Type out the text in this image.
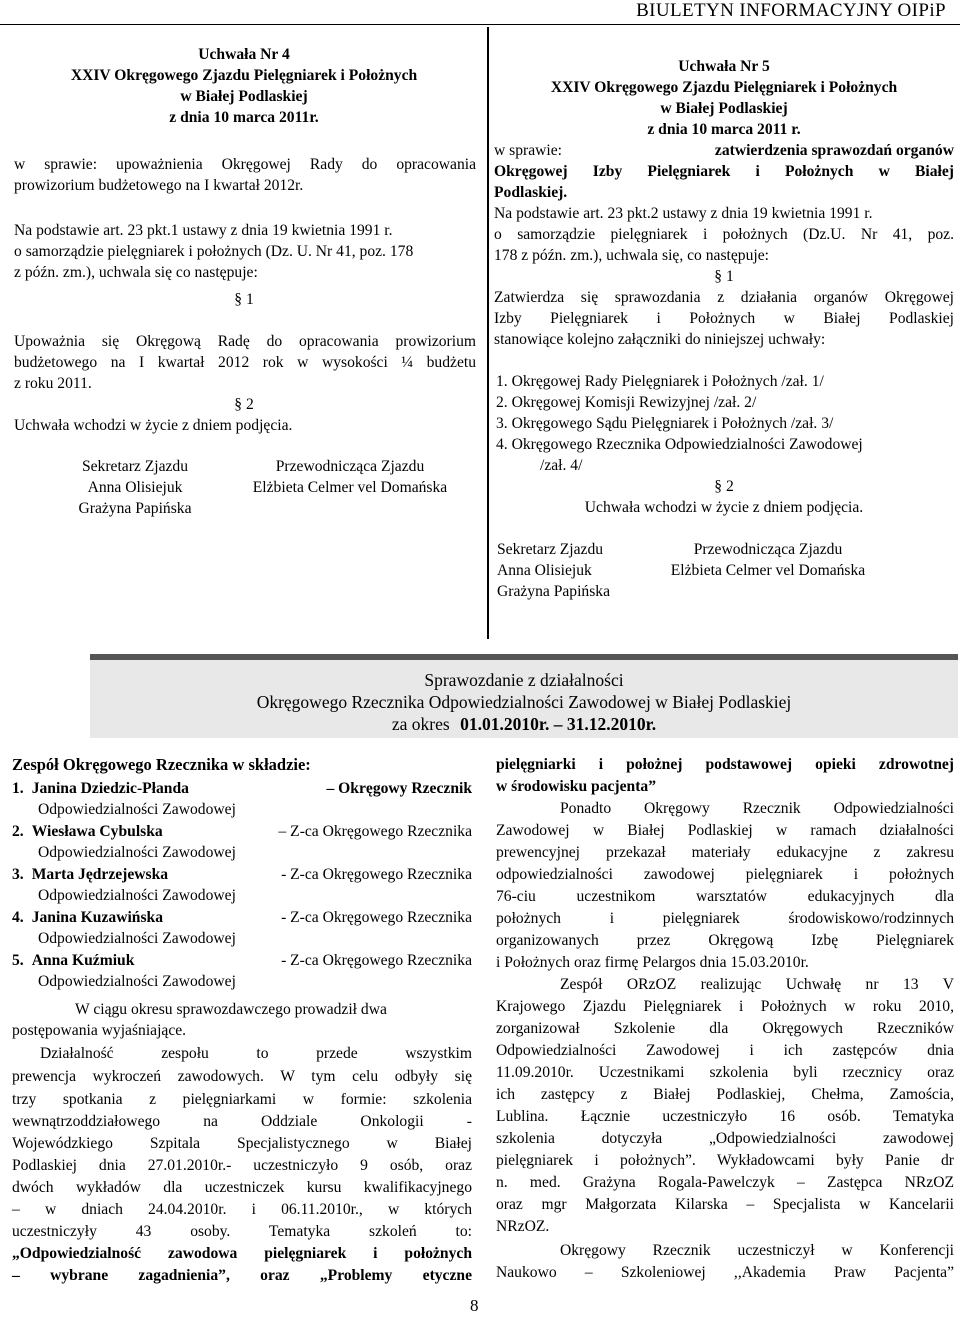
BIULETYN INFORMACYJNY OIPiP
Uchwała Nr 4
XXIV Okręgowego Zjazdu Pielęgniarek i Położnych
w Białej Podlaskiej
z dnia 10 marca 2011r.
w sprawie: upoważnienia Okręgowej Rady do opracowania
prowizorium budżetowego na I kwartał 2012r.
Na podstawie art. 23 pkt.1 ustawy z dnia 19 kwietnia 1991 r.
o samorządzie pielęgniarek i położnych (Dz. U. Nr 41, poz. 178
z późn. zm.), uchwala się co następuje:
§ 1
Upoważnia się Okręgową Radę do opracowania prowizorium
budżetowego na I kwartał 2012 rok w wysokości ¼ budżetu
z roku 2011.
§ 2
Uchwała wchodzi w życie z dniem podjęcia.
Sekretarz Zjazdu
Anna Olisiejuk
Grażyna Papińska
Przewodnicząca Zjazdu
Elżbieta Celmer vel Domańska
Uchwała Nr 5
XXIV Okręgowego Zjazdu Pielęgniarek i Położnych
w Białej Podlaskiej
z dnia 10 marca 2011 r.
w sprawie:	zatwierdzenia sprawozdań organów
Okręgowej Izby Pielęgniarek i Położnych w Białej
Podlaskiej.
Na podstawie art. 23 pkt.2 ustawy z dnia 19 kwietnia 1991 r.
o samorządzie pielęgniarek i położnych (Dz.U. Nr 41, poz.
178 z późn. zm.), uchwala się, co następuje:
§ 1
Zatwierdza się sprawozdania z działania organów Okręgowej
Izby Pielęgniarek i Położnych w Białej Podlaskiej
stanowiące kolejno załączniki do niniejszej uchwały:
1. Okręgowej Rady Pielęgniarek i Położnych /zał. 1/
2. Okręgowej Komisji Rewizyjnej /zał. 2/
3. Okręgowego Sądu Pielęgniarek i Położnych /zał. 3/
4. Okręgowego Rzecznika Odpowiedzialności Zawodowej
/zał. 4/
§ 2
Uchwała wchodzi w życie z dniem podjęcia.
Sekretarz Zjazdu
Anna Olisiejuk
Grażyna Papińska
Przewodnicząca Zjazdu
Elżbieta Celmer vel Domańska
Sprawozdanie z działalności
Okręgowego Rzecznika Odpowiedzialności Zawodowej w Białej Podlaskiej
za okres 01.01.2010r. – 31.12.2010r.
Zespół Okręgowego Rzecznika w składzie:
1. Janina Dziedzic-Płanda	– Okręgowy Rzecznik
Odpowiedzialności Zawodowej
2. Wiesława Cybulska	– Z-ca Okręgowego Rzecznika
Odpowiedzialności Zawodowej
3. Marta Jędrzejewska	- Z-ca Okręgowego Rzecznika
Odpowiedzialności Zawodowej
4. Janina Kuzawińska	- Z-ca Okręgowego Rzecznika
Odpowiedzialności Zawodowej
5. Anna Kuźmiuk	- Z-ca Okręgowego Rzecznika
Odpowiedzialności Zawodowej
W ciągu okresu sprawozdawczego prowadził dwa
postępowania wyjaśniające.
Działalność zespołu to przede wszystkim
prewencja wykroczeń zawodowych. W tym celu odbyły się
trzy spotkania z pielęgniarkami w formie: szkolenia
wewnątrzoddziałowego na Oddziale Onkologii -
Wojewódzkiego Szpitala Specjalistycznego w Białej
Podlaskiej dnia 27.01.2010r.- uczestniczyło 9 osób, oraz
dwóch wykładów dla uczestniczek kursu kwalifikacyjnego
– w dniach 24.04.2010r. i 06.11.2010r., w których
uczestniczyły 43 osoby. Tematyka szkoleń to:
„Odpowiedzialność zawodowa pielęgniarek i położnych
– wybrane zagadnienia”, oraz „Problemy etyczne
pielęgniarki i położnej podstawowej opieki zdrowotnej
w środowisku pacjenta”
Ponadto Okręgowy Rzecznik Odpowiedzialności
Zawodowej w Białej Podlaskiej w ramach działalności
prewencyjnej przekazał materiały edukacyjne z zakresu
odpowiedzialności zawodowej pielęgniarek i położnych
76-ciu uczestnikom warsztatów edukacyjnych dla
położnych i pielęgniarek środowiskowo/rodzinnych
organizowanych przez Okręgową Izbę Pielęgniarek
i Położnych oraz firmę Pelargos dnia 15.03.2010r.
Zespół ORzOZ realizując Uchwałę nr 13 V
Krajowego Zjazdu Pielęgniarek i Położnych w roku 2010,
zorganizował Szkolenie dla Okręgowych Rzeczników
Odpowiedzialności Zawodowej i ich zastępców dnia
11.09.2010r. Uczestnikami szkolenia byli rzecznicy oraz
ich zastępcy z Białej Podlaskiej, Chełma, Zamościa,
Lublina. Łącznie uczestniczyło 16 osób. Tematyka
szkolenia dotyczyła „Odpowiedzialności zawodowej
pielęgniarek i położnych”. Wykładowcami były Panie dr
n. med. Grażyna Rogala-Pawelczyk – Zastępca NRzOZ
oraz mgr Małgorzata Kilarska – Specjalista w Kancelarii
NRzOZ.
Okręgowy Rzecznik uczestniczył w Konferencji
Naukowo – Szkoleniowej ,,Akademia Praw Pacjenta”
8
